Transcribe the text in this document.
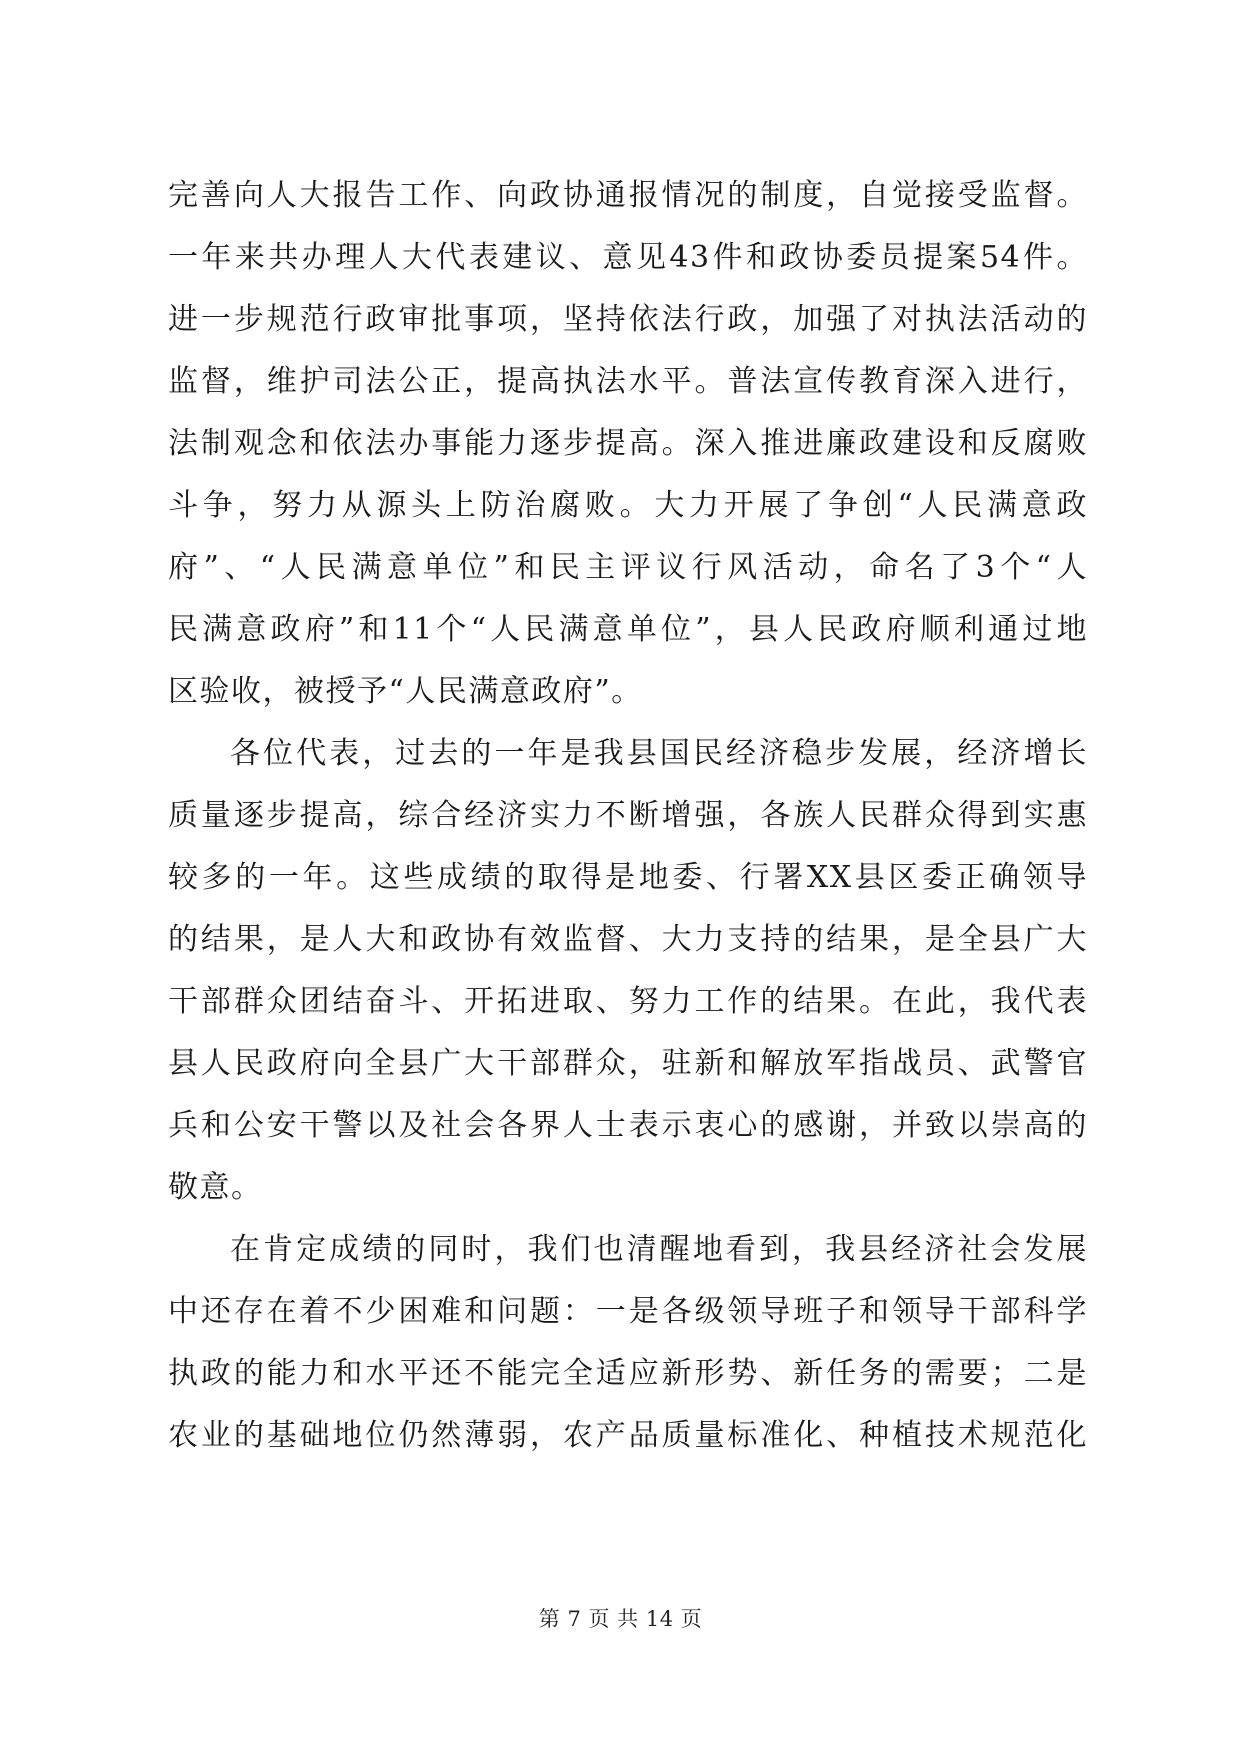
完善向人大报告工作、向政协通报情况的制度，自觉接受监督。
一年来共办理人大代表建议、意见43件和政协委员提案54件。
进一步规范行政审批事项，坚持依法行政，加强了对执法活动的
监督，维护司法公正，提高执法水平。普法宣传教育深入进行，
法制观念和依法办事能力逐步提高。深入推进廉政建设和反腐败
斗争，努力从源头上防治腐败。大力开展了争创“人民满意政
府”、“人民满意单位”和民主评议行风活动，命名了3个“人
民满意政府”和11个“人民满意单位”，县人民政府顺利通过地
区验收，被授予“人民满意政府”。
各位代表，过去的一年是我县国民经济稳步发展，经济增长
质量逐步提高，综合经济实力不断增强，各族人民群众得到实惠
较多的一年。这些成绩的取得是地委、行署XX县区委正确领导
的结果，是人大和政协有效监督、大力支持的结果，是全县广大
干部群众团结奋斗、开拓进取、努力工作的结果。在此，我代表
县人民政府向全县广大干部群众，驻新和解放军指战员、武警官
兵和公安干警以及社会各界人士表示衷心的感谢，并致以崇高的
敬意。
在肯定成绩的同时，我们也清醒地看到，我县经济社会发展
中还存在着不少困难和问题：一是各级领导班子和领导干部科学
执政的能力和水平还不能完全适应新形势、新任务的需要；二是
农业的基础地位仍然薄弱，农产品质量标准化、种植技术规范化
第 7 页 共 14 页
